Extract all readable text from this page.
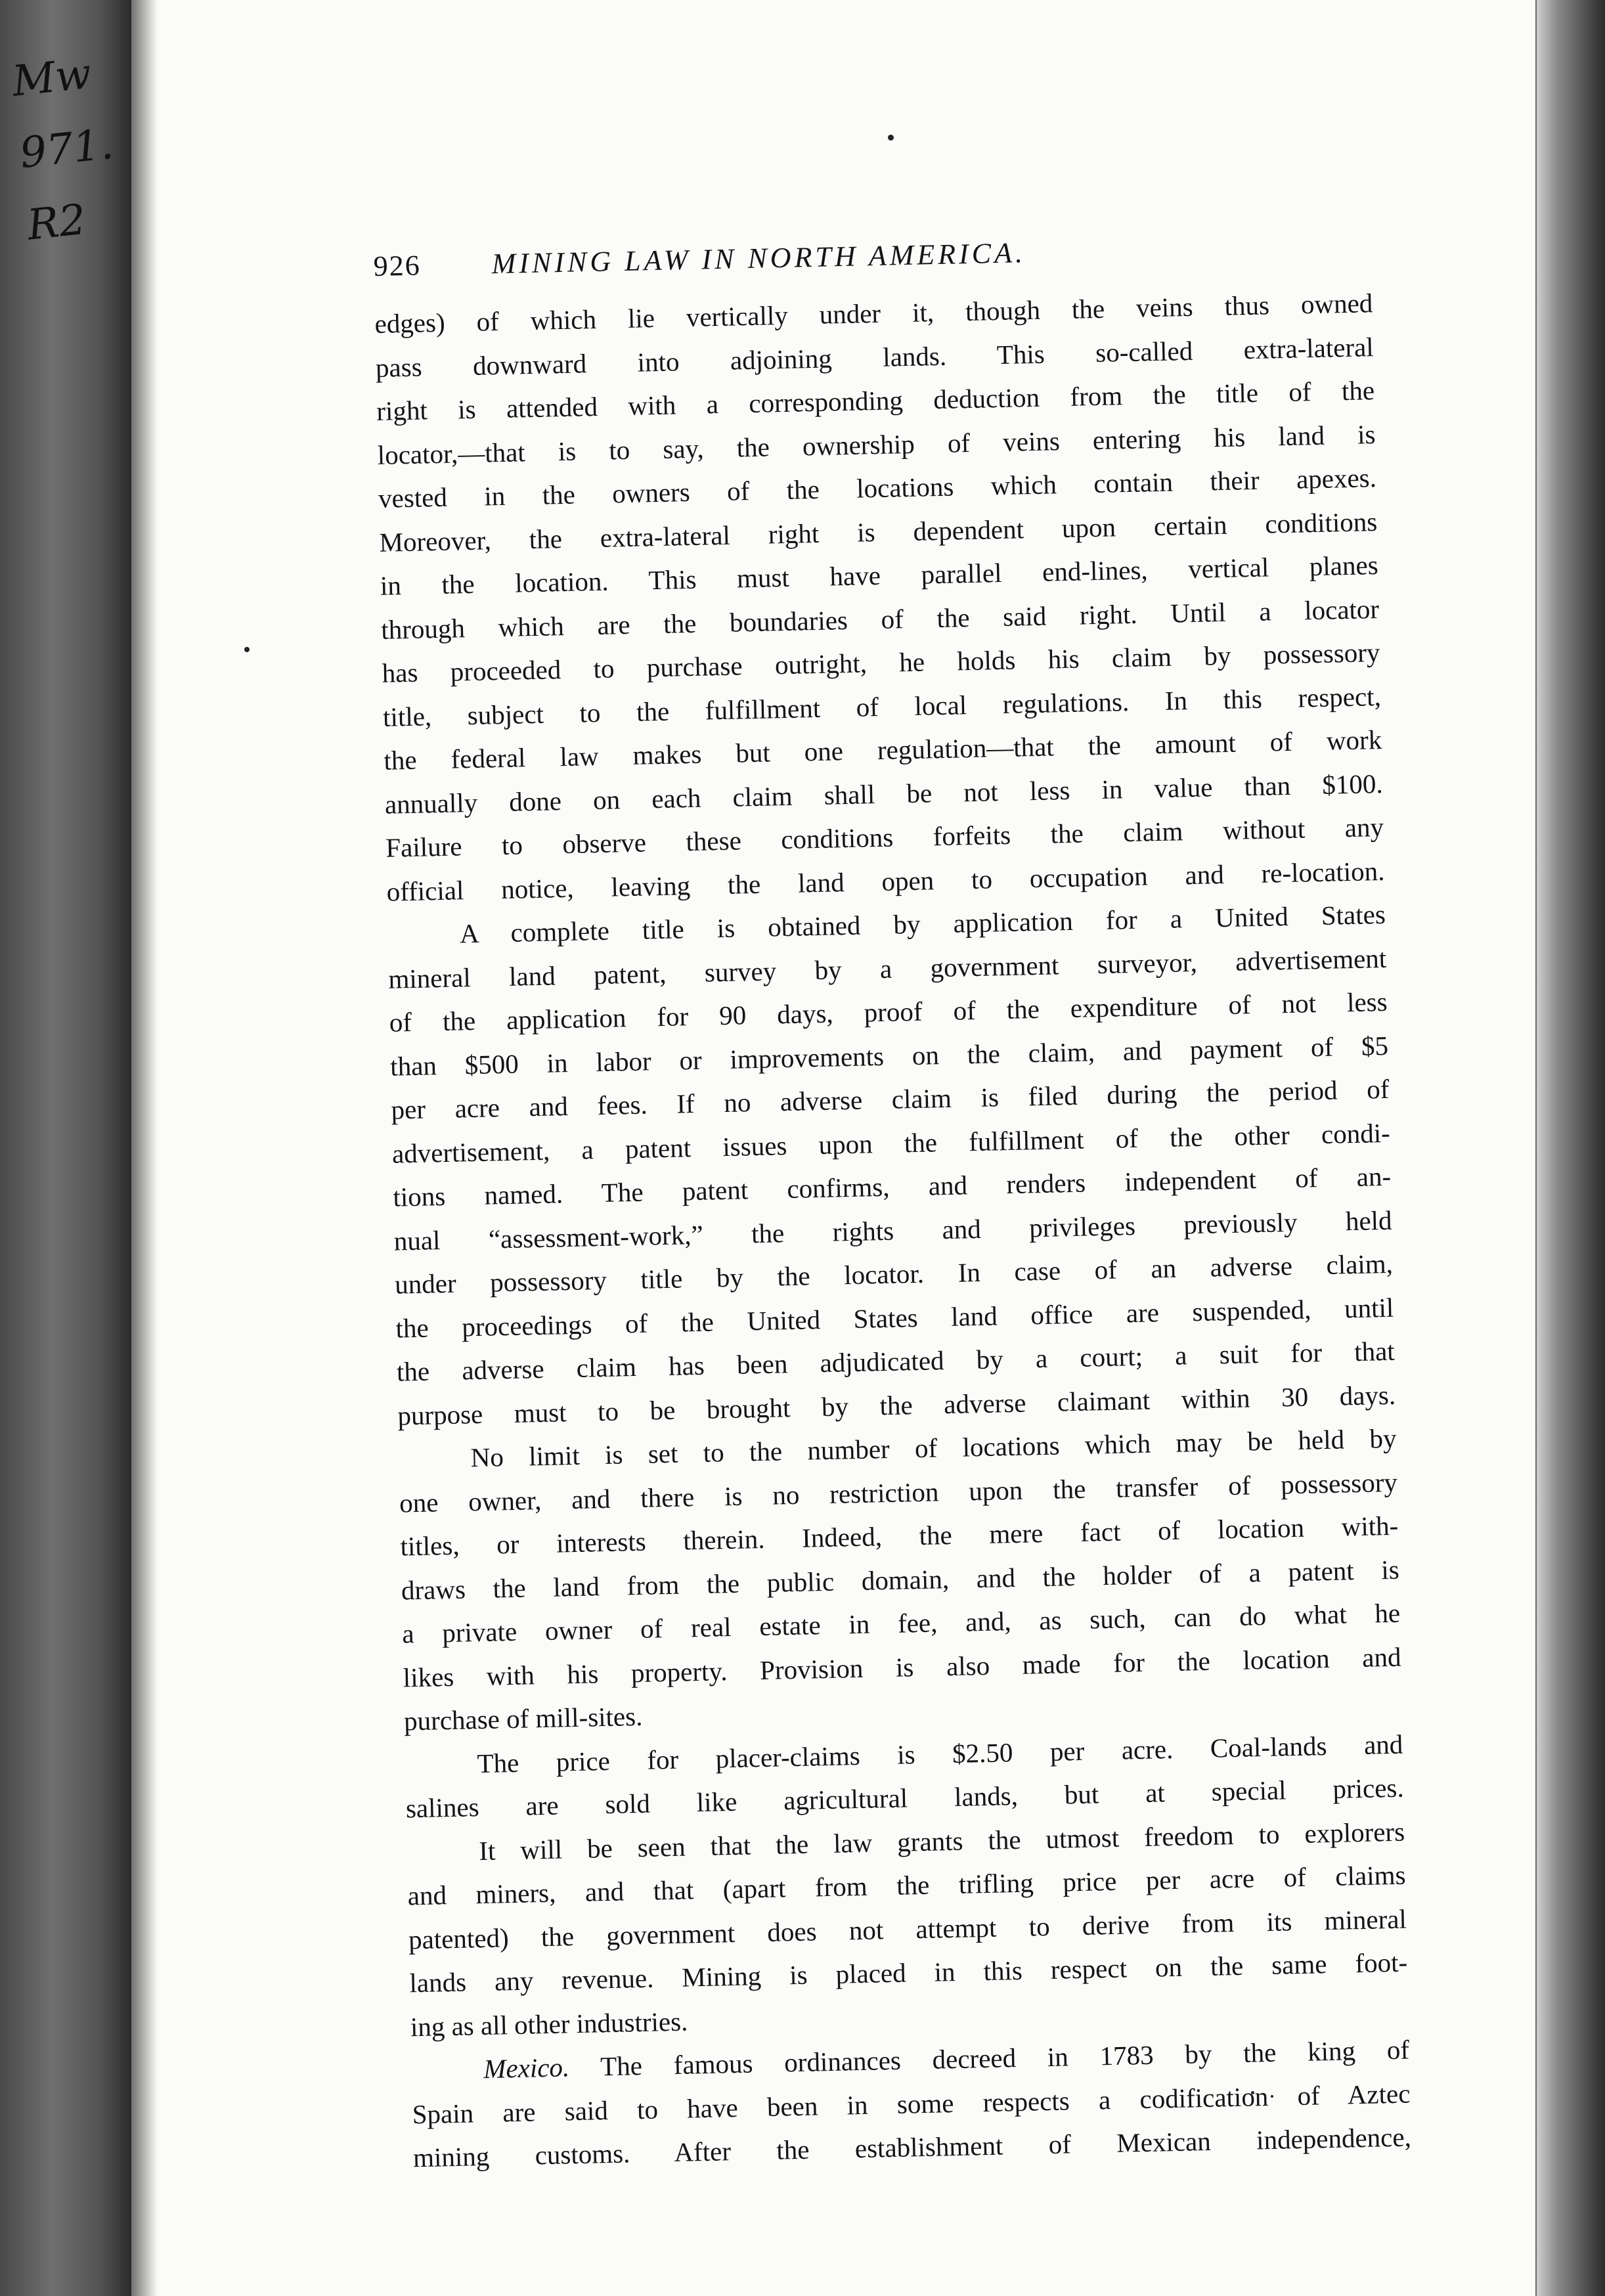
Mw
971.
R2
926 MINING LAW IN NORTH AMERICA.

edges) of which lie vertically under it, though the veins thus owned
pass downward into adjoining lands. This so-called extra-lateral
right is attended with a corresponding deduction from the title of the
locator,—that is to say, the ownership of veins entering his land is
vested in the owners of the locations which contain their apexes.
Moreover, the extra-lateral right is dependent upon certain conditions
in the location. This must have parallel end-lines, vertical planes
through which are the boundaries of the said right. Until a locator
has proceeded to purchase outright, he holds his claim by possessory
title, subject to the fulfillment of local regulations. In this respect,
the federal law makes but one regulation—that the amount of work
annually done on each claim shall be not less in value than $100.
Failure to observe these conditions forfeits the claim without any
official notice, leaving the land open to occupation and re-location.

A complete title is obtained by application for a United States
mineral land patent, survey by a government surveyor, advertisement
of the application for 90 days, proof of the expenditure of not less
than $500 in labor or improvements on the claim, and payment of $5
per acre and fees. If no adverse claim is filed during the period of
advertisement, a patent issues upon the fulfillment of the other condi-
tions named. The patent confirms, and renders independent of an-
nual “assessment-work,” the rights and privileges previously held
under possessory title by the locator. In case of an adverse claim,
the proceedings of the United States land office are suspended, until
the adverse claim has been adjudicated by a court; a suit for that
purpose must to be brought by the adverse claimant within 30 days.

No limit is set to the number of locations which may be held by
one owner, and there is no restriction upon the transfer of possessory
titles, or interests therein. Indeed, the mere fact of location with-
draws the land from the public domain, and the holder of a patent is
a private owner of real estate in fee, and, as such, can do what he
likes with his property. Provision is also made for the location and
purchase of mill-sites.

The price for placer-claims is $2.50 per acre. Coal-lands and
salines are sold like agricultural lands, but at special prices.

It will be seen that the law grants the utmost freedom to explorers
and miners, and that (apart from the trifling price per acre of claims
patented) the government does not attempt to derive from its mineral
lands any revenue. Mining is placed in this respect on the same foot-
ing as all other industries.

Mexico. The famous ordinances decreed in 1783 by the king of
Spain are said to have been in some respects a codification of Aztec
mining customs. After the establishment of Mexican independence,
